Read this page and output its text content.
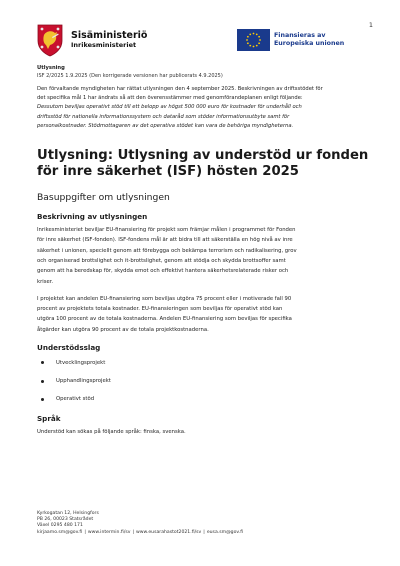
1
Sisäministeriö
Inrikesministeriet
Finansieras av
Europeiska unionen
Utlysning
ISF 2/2025 1.9.2025 (Den korrigerade versionen har publicerats 4.9.2025)
Den förvaltande myndigheten har rättat utlysningen den 4 september 2025. Beskrivningen av driftsstödet för
det specifika mål 1 har ändrats så att den överensstämmer med genomförandeplanen enligt följande:
Dessutom beviljas operativt stöd till ett belopp av högst 500 000 euro för kostnader för underhåll och
driftsstöd för nationella informationssystem och dataråd som stöder informationsutbyte samt för
personalkostnader. Stödmottagaren av det operativa stödet kan vara de behöriga myndigheterna.
Utlysning: Utlysning av understöd ur fonden för inre säkerhet (ISF) hösten 2025
Basuppgifter om utlysningen
Beskrivning av utlysningen

Inrikesministeriet beviljar EU-finansiering för projekt som främjar målen i programmet för Fonden
för inre säkerhet (ISF-fonden). ISF-fondens mål är att bidra till att säkerställa en hög nivå av inre
säkerhet i unionen, speciellt genom att förebygga och bekämpa terrorism och radikalisering, grov
och organiserad brottslighet och it-brottslighet, genom att stödja och skydda brottsoffer samt
genom att ha beredskap för, skydda emot och effektivt hantera säkerhetsrelaterade risker och
kriser.

I projektet kan andelen EU-finansiering som beviljas utgöra 75 procent eller i motiverade fall 90
procent av projektets totala kostnader. EU-finansieringen som beviljas för operativt stöd kan
utgöra 100 procent av de totala kostnaderna. Andelen EU-finansiering som beviljas för specifika
åtgärder kan utgöra 90 procent av de totala projektkostnaderna.

Understödsslag
Utvecklingsprojekt
Upphandlingsprojekt
Operativt stöd
Språk

Understöd kan sökas på följande språk: finska, svenska.

Kyrkogatan 12, Helsingfors
PB 26, 00023 Statsrådet
Växel 0295 480 171
kirjaamo.sm@gov.fi | www.intermin.fi/sv | www.eusarahastot2021.fi/sv | eusa.sm@gov.fi
